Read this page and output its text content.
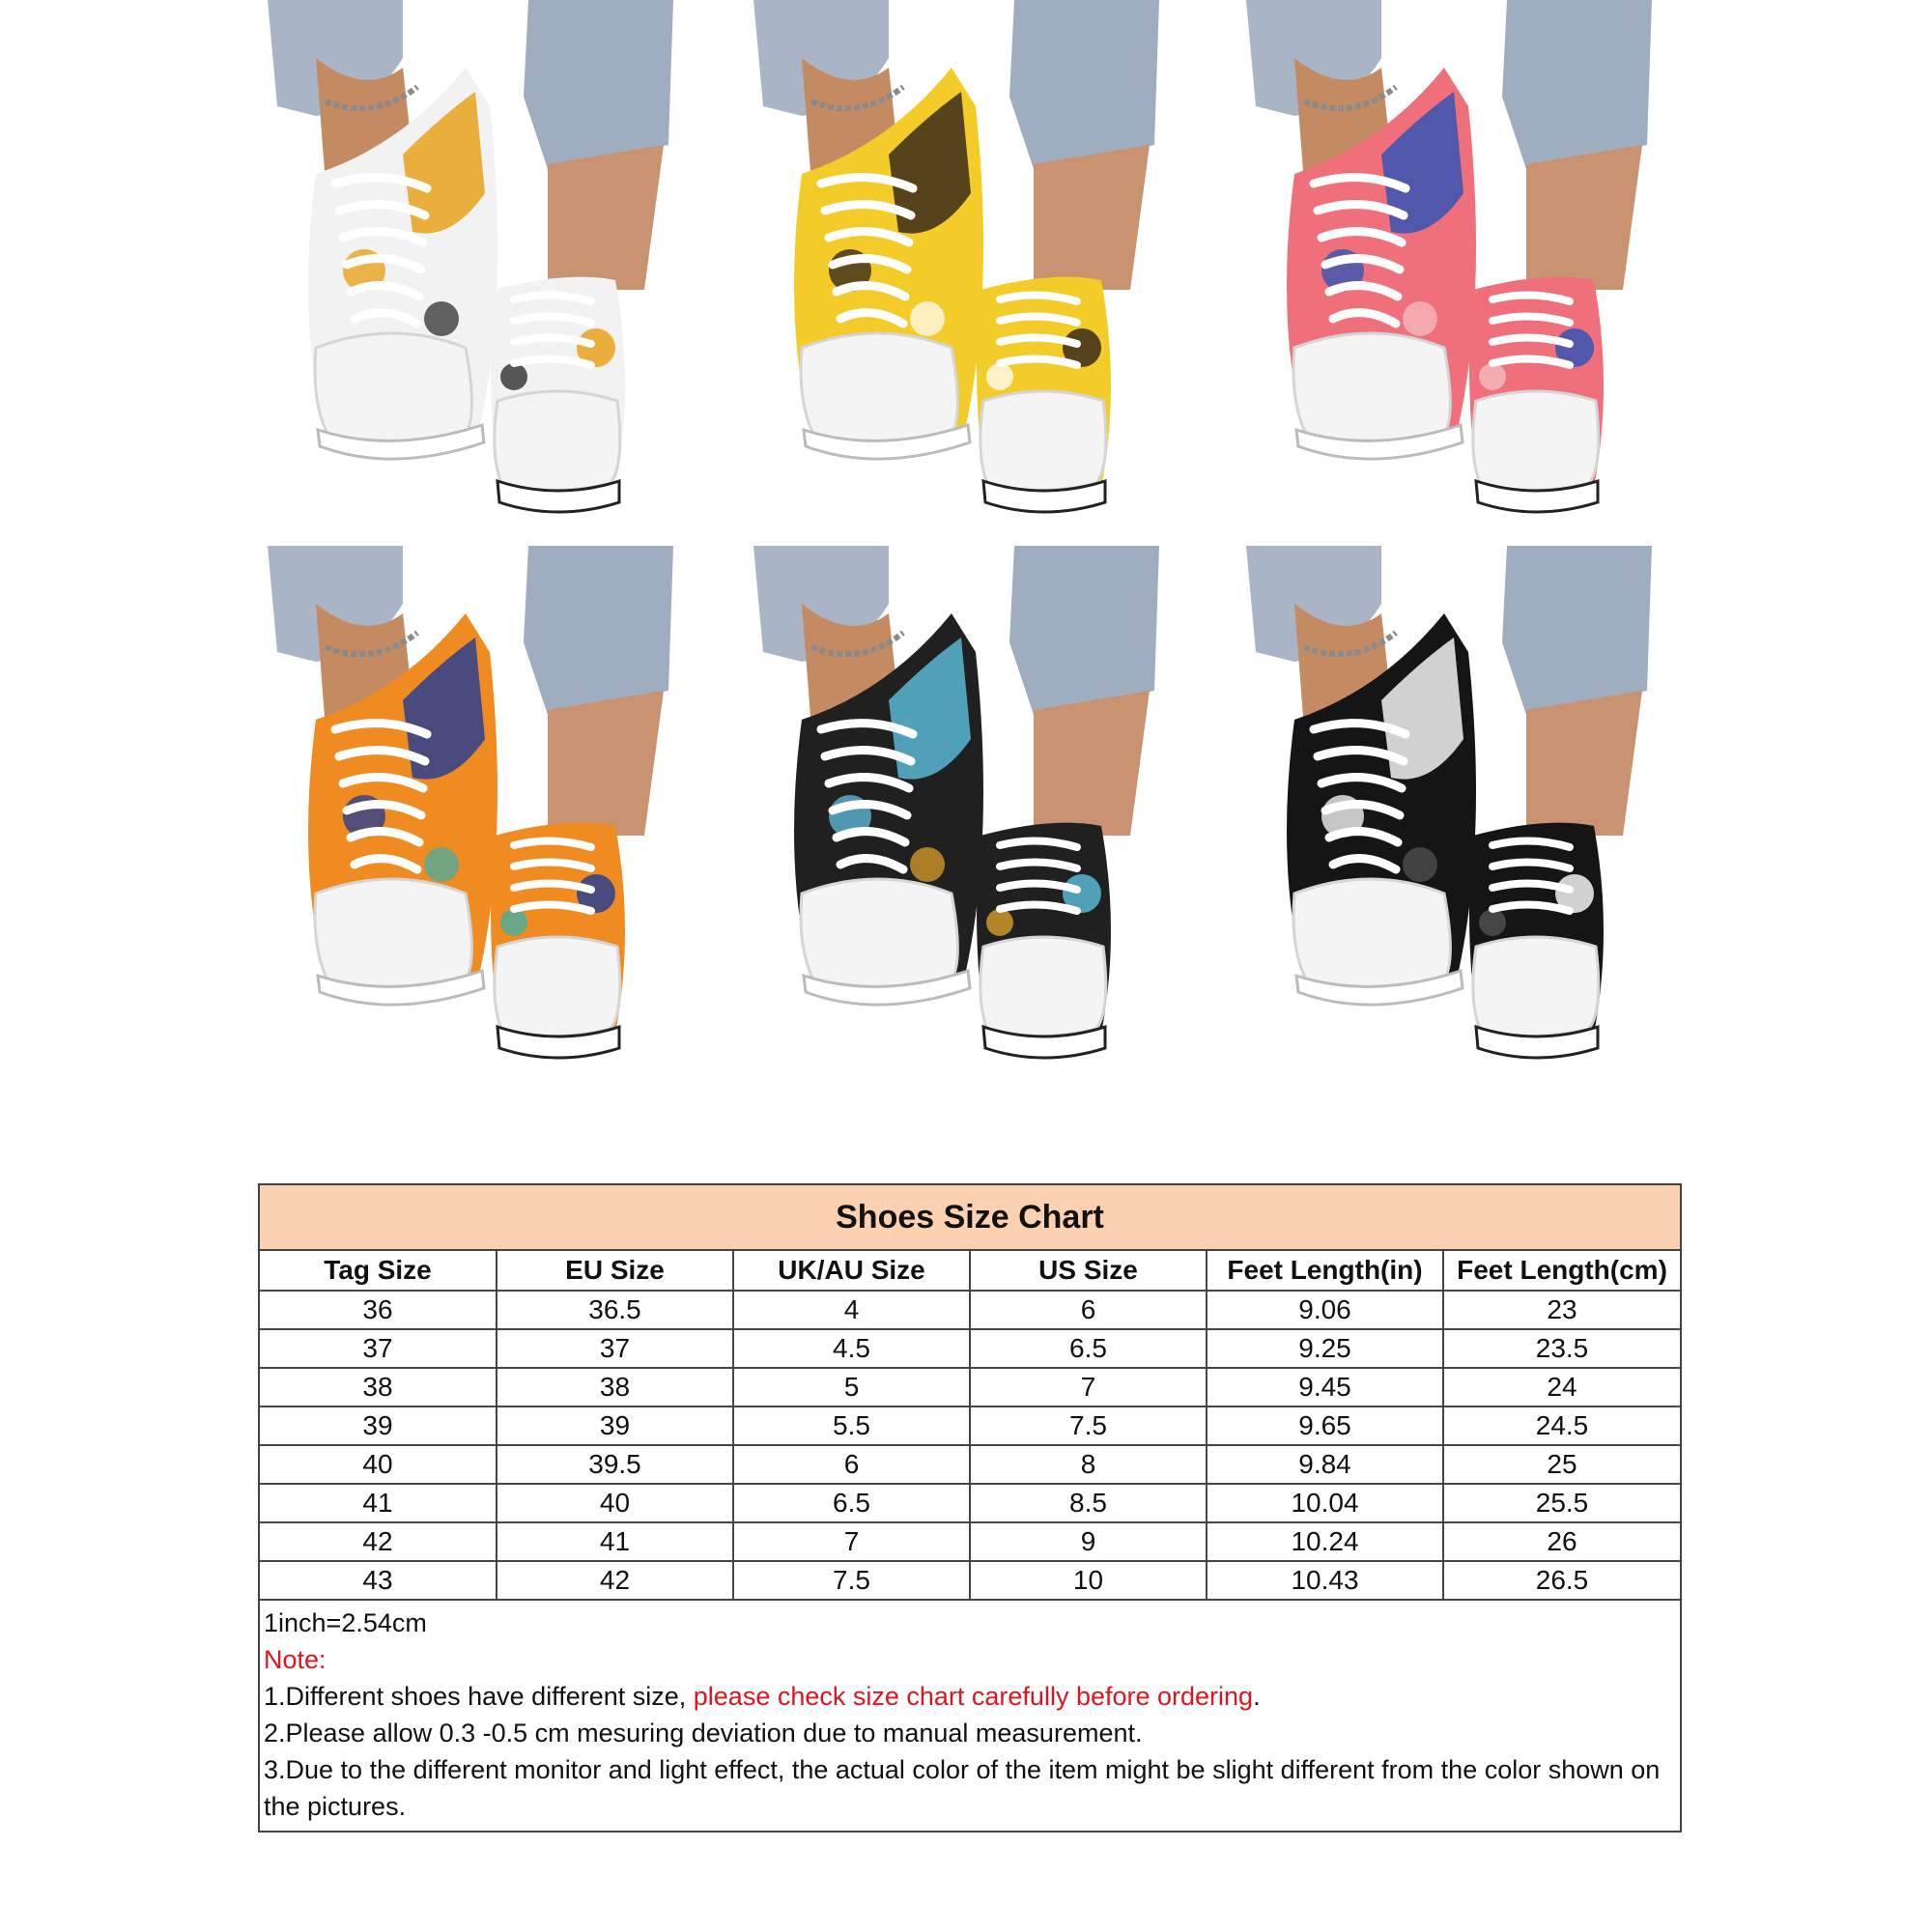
Shoes Size Chart
Tag Size	EU Size	UK/AU Size	US Size	Feet Length(in)	Feet Length(cm)
36	36.5	4	6	9.06	23
37	37	4.5	6.5	9.25	23.5
38	38	5	7	9.45	24
39	39	5.5	7.5	9.65	24.5
40	39.5	6	8	9.84	25
41	40	6.5	8.5	10.04	25.5
42	41	7	9	10.24	26
43	42	7.5	10	10.43	26.5
1inch=2.54cm
Note:
1.Different shoes have different size, please check size chart carefully before ordering.
2.Please allow 0.3 -0.5 cm mesuring deviation due to manual measurement.
3.Due to the different monitor and light effect, the actual color of the item might be slight different from the color shown on the pictures.
